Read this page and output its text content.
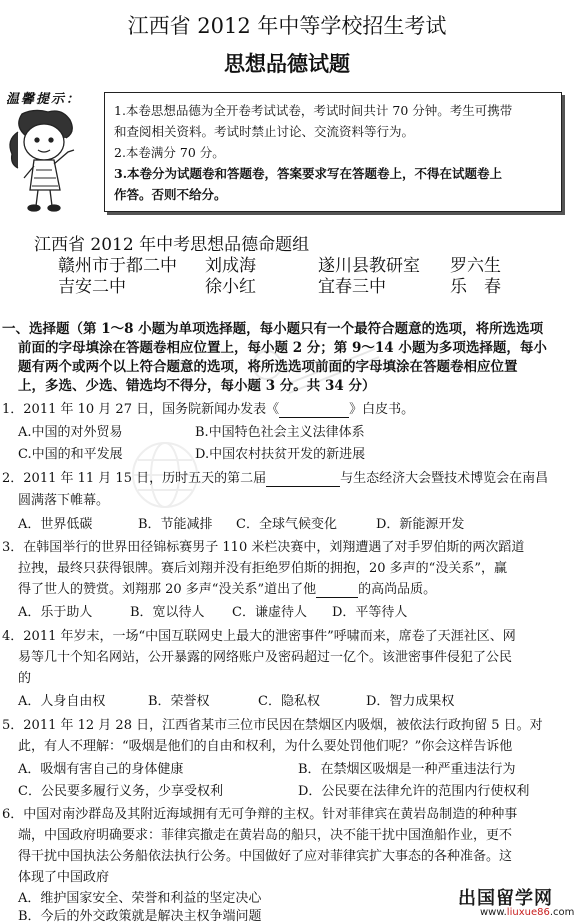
江西省 2012 年中等学校招生考试
思想品德试题
温馨提示：
1.本卷思想品德为全开卷考试试卷，考试时间共计 70 分钟。考生可携带
和查阅相关资料。考试时禁止讨论、交流资料等行为。
2.本卷满分 70 分。
3.本卷分为试题卷和答题卷，答案要求写在答题卷上，不得在试题卷上
作答。否则不给分。
江西省 2012 年中考思想品德命题组
赣州市于都二中 刘成海	遂川县教研室 罗六生
吉安二中	徐小红	宜春三中	乐　春
一、选择题（第 1～8 小题为单项选择题，每小题只有一个最符合题意的选项，将所选选项
前面的字母填涂在答题卷相应位置上，每小题 2 分；第 9～14 小题为多项选择题，每小
题有两个或两个以上符合题意的选项，将所选选项前面的字母填涂在答题卷相应位置
上，多选、少选、错选均不得分，每小题 3 分。共 34 分）
1．2011 年 10 月 27 日，国务院新闻办发表《	》白皮书。
A.中国的对外贸易	B.中国特色社会主义法律体系
C.中国的和平发展	D.中国农村扶贫开发的新进展
2．2011 年 11 月 15 日，历时五天的第二届	与生态经济大会暨技术博览会在南昌
圆满落下帷幕。
A．世界低碳	B．节能减排 C．全球气候变化	D．新能源开发
3．在韩国举行的世界田径锦标赛男子 110 米栏决赛中，刘翔遭遇了对手罗伯斯的两次蹈道
拉拽，最终只获得银牌。赛后刘翔并没有拒绝罗伯斯的拥抱，20 多声的“没关系”，赢
得了世人的赞赏。刘翔那 20 多声“没关系”道出了他	的高尚品质。
A．乐于助人	B．宽以待人 C．谦虚待人 D．平等待人
4．2011 年岁末，一场“中国互联网史上最大的泄密事件”呼啸而来，席卷了天涯社区、网
易等几十个知名网站，公开暴露的网络账户及密码超过一亿个。该泄密事件侵犯了公民
的
A．人身自由权	B．荣誉权	C．隐私权	D．智力成果权
5．2011 年 12 月 28 日，江西省某市三位市民因在禁烟区内吸烟，被依法行政拘留 5 日。对
此，有人不理解：“吸烟是他们的自由和权利，为什么要处罚他们呢？”你会这样告诉他
A．吸烟有害自己的身体健康	B．在禁烟区吸烟是一种严重违法行为
C．公民要多履行义务，少享受权利	D．公民要在法律允许的范围内行使权利
6．中国对南沙群岛及其附近海域拥有无可争辩的主权。针对菲律宾在黄岩岛制造的种种事
端，中国政府明确要求：菲律宾撤走在黄岩岛的船只，决不能干扰中国渔船作业，更不
得干扰中国执法公务船依法执行公务。中国做好了应对菲律宾扩大事态的各种准备。这
体现了中国政府
A．维护国家安全、荣誉和利益的坚定决心
B．今后的外交政策就是解决主权争端问题
出国留学网
www.liuxue86.com
